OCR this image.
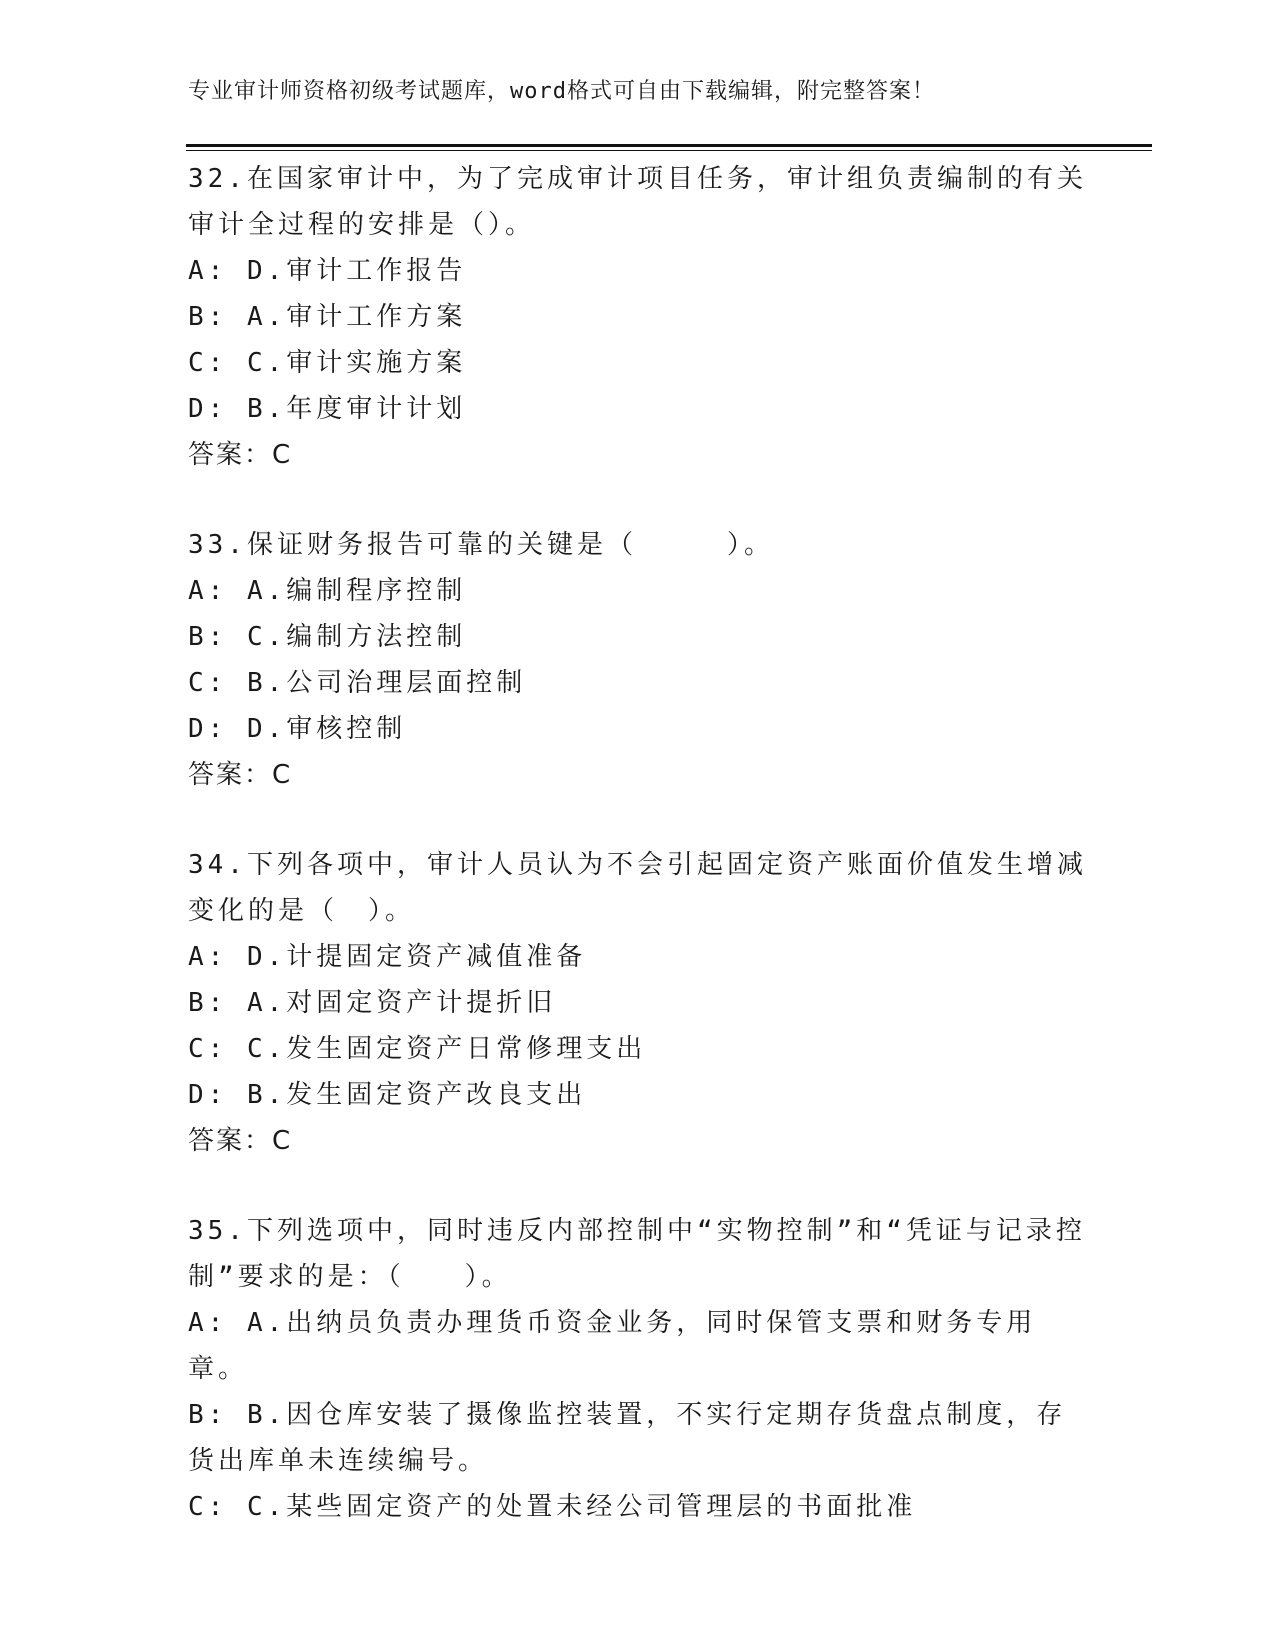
专业审计师资格初级考试题库，word格式可自由下载编辑，附完整答案！
32.在国家审计中，为了完成审计项目任务，审计组负责编制的有关审计全过程的安排是（）。
A: D.审计工作报告
B: A.审计工作方案
C: C.审计实施方案
D: B.年度审计计划
答案：C
33.保证财务报告可靠的关键是（　　　）。
A: A.编制程序控制
B: C.编制方法控制
C: B.公司治理层面控制
D: D.审核控制
答案：C
34.下列各项中，审计人员认为不会引起固定资产账面价值发生增减变化的是（　）。
A: D.计提固定资产减值准备
B: A.对固定资产计提折旧
C: C.发生固定资产日常修理支出
D: B.发生固定资产改良支出
答案：C
35.下列选项中，同时违反内部控制中“实物控制”和“凭证与记录控制”要求的是：（　　）。
A: A.出纳员负责办理货币资金业务，同时保管支票和财务专用章。
B: B.因仓库安装了摄像监控装置，不实行定期存货盘点制度，存货出库单未连续编号。
C: C.某些固定资产的处置未经公司管理层的书面批准
